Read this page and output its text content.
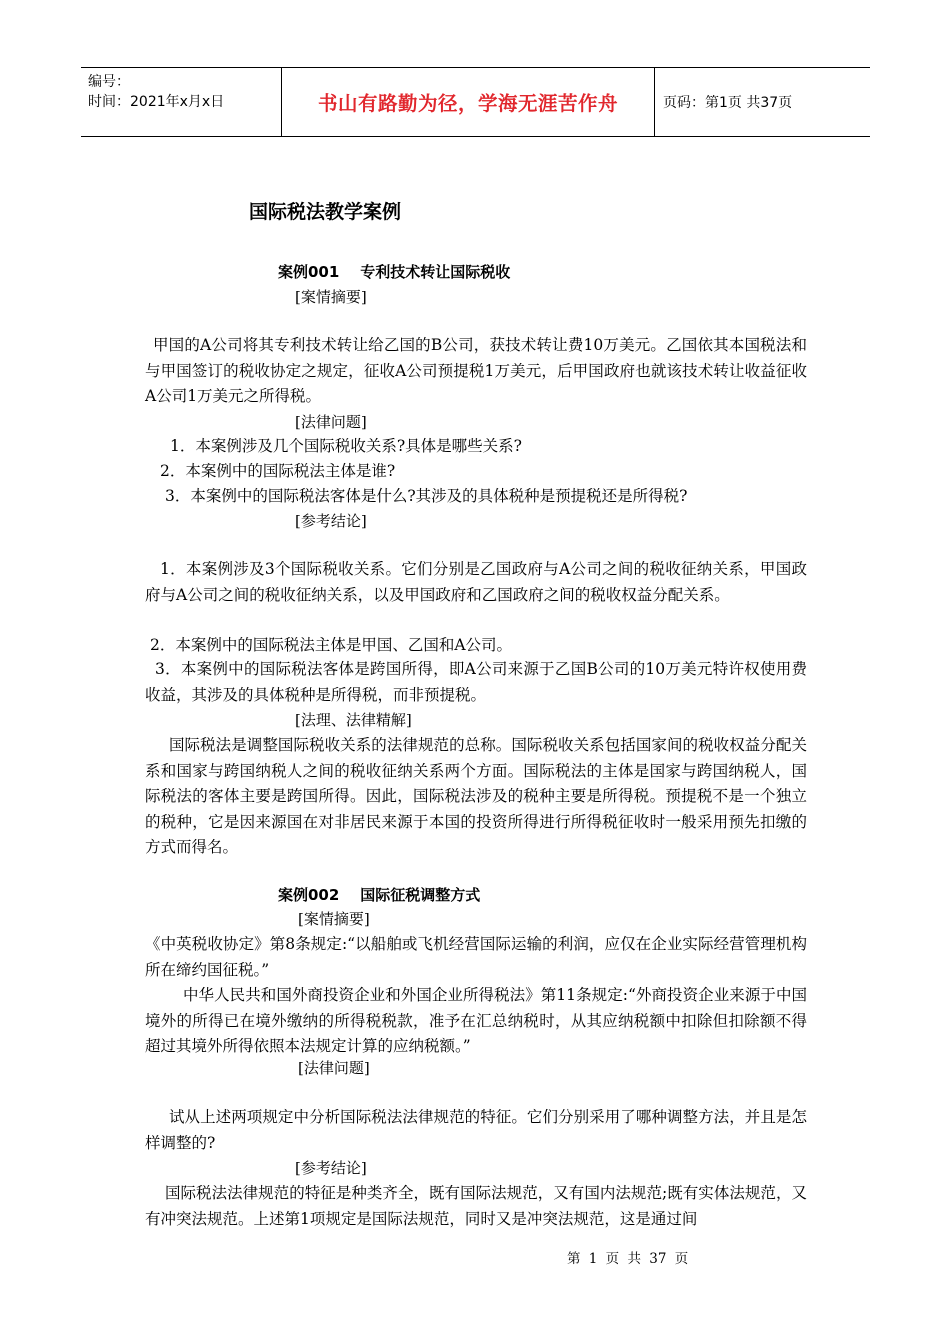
编号：
时间：2021年x月x日	书山有路勤为径，学海无涯苦作舟	页码：第1页 共37页
国际税法教学案例
案例001    专利技术转让国际税收
[案情摘要]
甲国的A公司将其专利技术转让给乙国的B公司，获技术转让费10万美元。乙国依其本国税法和与甲国签订的税收协定之规定，征收A公司预提税1万美元，后甲国政府也就该技术转让收益征收A公司1万美元之所得税。
[法律问题]
1．本案例涉及几个国际税收关系?具体是哪些关系?
2．本案例中的国际税法主体是谁?
3．本案例中的国际税法客体是什么?其涉及的具体税种是预提税还是所得税?
[参考结论]
1．本案例涉及3个国际税收关系。它们分别是乙国政府与A公司之间的税收征纳关系，甲国政府与A公司之间的税收征纳关系，以及甲国政府和乙国政府之间的税收权益分配关系。
2．本案例中的国际税法主体是甲国、乙国和A公司。
3．本案例中的国际税法客体是跨国所得，即A公司来源于乙国B公司的10万美元特许权使用费收益，其涉及的具体税种是所得税，而非预提税。
[法理、法律精解]
国际税法是调整国际税收关系的法律规范的总称。国际税收关系包括国家间的税收权益分配关系和国家与跨国纳税人之间的税收征纳关系两个方面。国际税法的主体是国家与跨国纳税人，国际税法的客体主要是跨国所得。因此，国际税法涉及的税种主要是所得税。预提税不是一个独立的税种，它是因来源国在对非居民来源于本国的投资所得进行所得税征收时一般采用预先扣缴的方式而得名。
案例002    国际征税调整方式
[案情摘要]
《中英税收协定》第8条规定:“以船舶或飞机经营国际运输的利润，应仅在企业实际经营管理机构所在缔约国征税。”
中华人民共和国外商投资企业和外国企业所得税法》第11条规定:“外商投资企业来源于中国境外的所得已在境外缴纳的所得税税款，准予在汇总纳税时，从其应纳税额中扣除但扣除额不得超过其境外所得依照本法规定计算的应纳税额。”
[法律问题]
试从上述两项规定中分析国际税法法律规范的特征。它们分别采用了哪种调整方法，并且是怎样调整的?
[参考结论]
国际税法法律规范的特征是种类齐全，既有国际法规范，又有国内法规范;既有实体法规范，又有冲突法规范。上述第1项规定是国际法规范，同时又是冲突法规范，这是通过间
第 1 页 共 37 页
